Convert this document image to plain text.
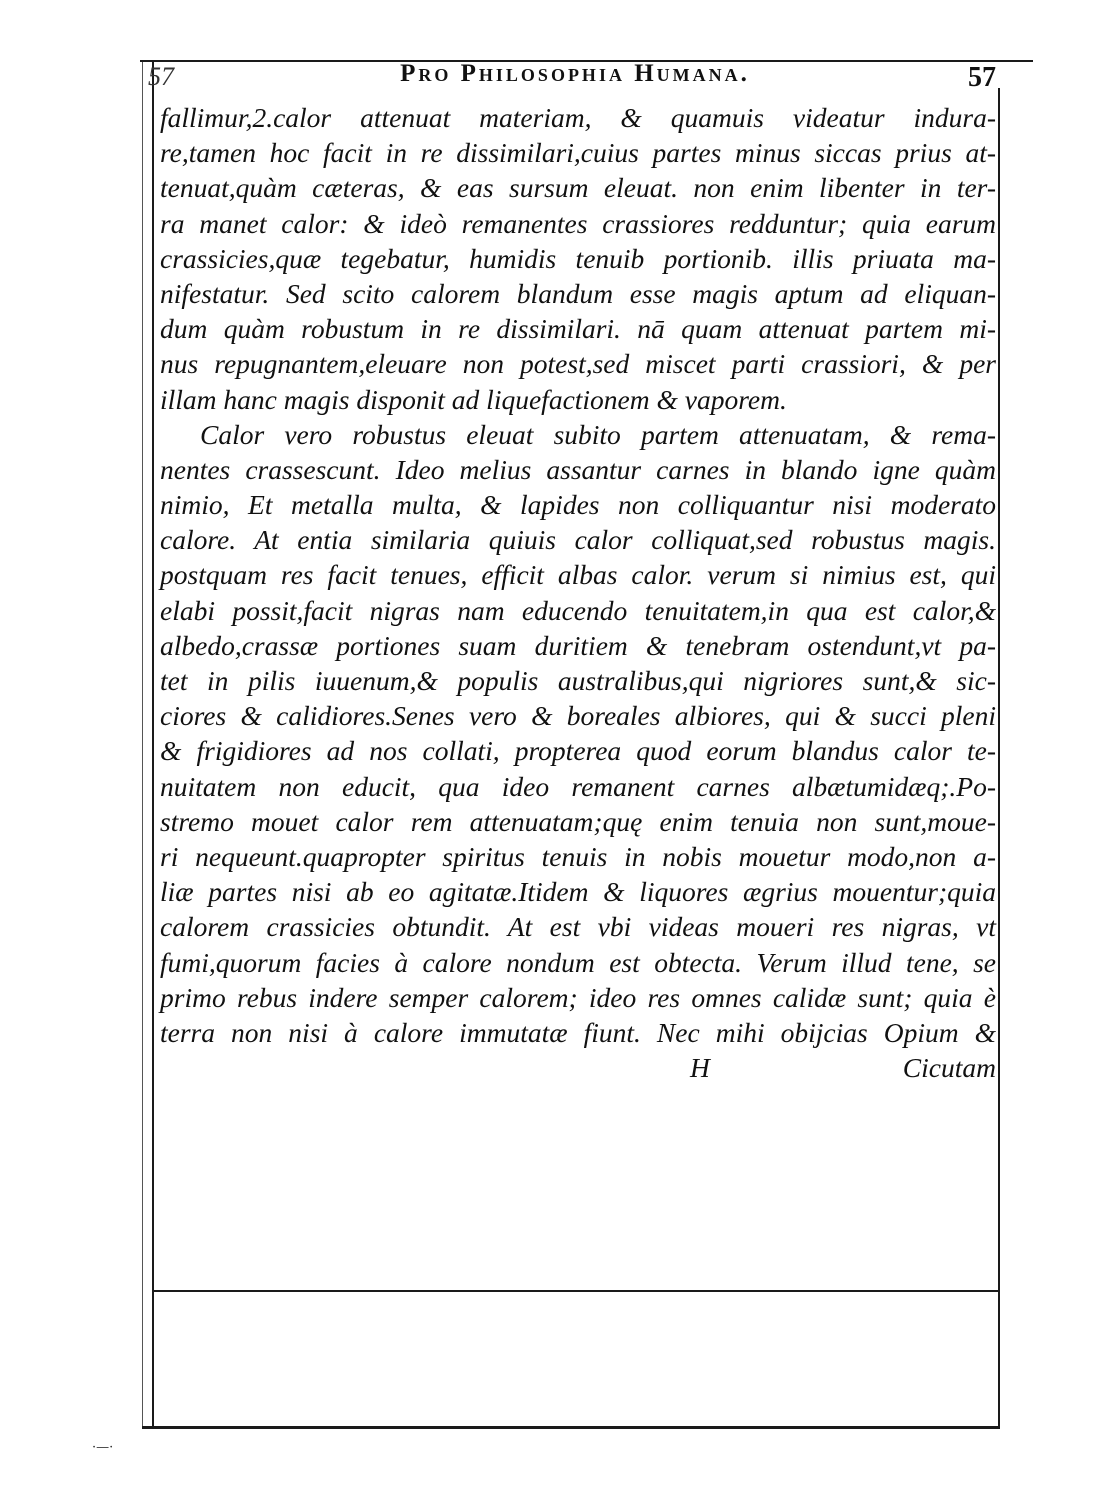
·—·
57	Pro Philosophia Humana.	57
fallimur,2.calor attenuat materiam, & quamuis videatur indura-
re,tamen hoc facit in re dissimilari,cuius partes minus siccas prius at-
tenuat,quàm cæteras, & eas sursum eleuat. non enim libenter in ter-
ra manet calor: & ideò remanentes crassiores redduntur; quia earum
crassicies,quæ tegebatur, humidis tenuib portionib. illis priuata ma-
nifestatur. Sed scito calorem blandum esse magis aptum ad eliquan-
dum quàm robustum in re dissimilari. nā quam attenuat partem mi-
nus repugnantem,eleuare non potest,sed miscet parti crassiori, & per
illam hanc magis disponit ad liquefactionem & vaporem.
Calor vero robustus eleuat subito partem attenuatam, & rema-
nentes crassescunt. Ideo melius assantur carnes in blando igne quàm
nimio, Et metalla multa, & lapides non colliquantur nisi moderato
calore. At entia similaria quiuis calor colliquat,sed robustus magis.
postquam res facit tenues, efficit albas calor. verum si nimius est, qui
elabi possit,facit nigras nam educendo tenuitatem,in qua est calor,&
albedo,crassæ portiones suam duritiem & tenebram ostendunt,vt pa-
tet in pilis iuuenum,& populis australibus,qui nigriores sunt,& sic-
ciores & calidiores.Senes vero & boreales albiores, qui & succi pleni
& frigidiores ad nos collati, propterea quod eorum blandus calor te-
nuitatem non educit, qua ideo remanent carnes albætumidæq;.Po-
stremo mouet calor rem attenuatam;quę enim tenuia non sunt,moue-
ri nequeunt.quapropter spiritus tenuis in nobis mouetur modo,non a-
liæ partes nisi ab eo agitatæ.Itidem & liquores ægrius mouentur;quia
calorem crassicies obtundit. At est vbi videas moueri res nigras, vt
fumi,quorum facies à calore nondum est obtecta. Verum illud tene, se
primo rebus indere semper calorem; ideo res omnes calidæ sunt; quia è
terra non nisi à calore immutatæ fiunt. Nec mihi obijcias Opium &
H	Cicutam
